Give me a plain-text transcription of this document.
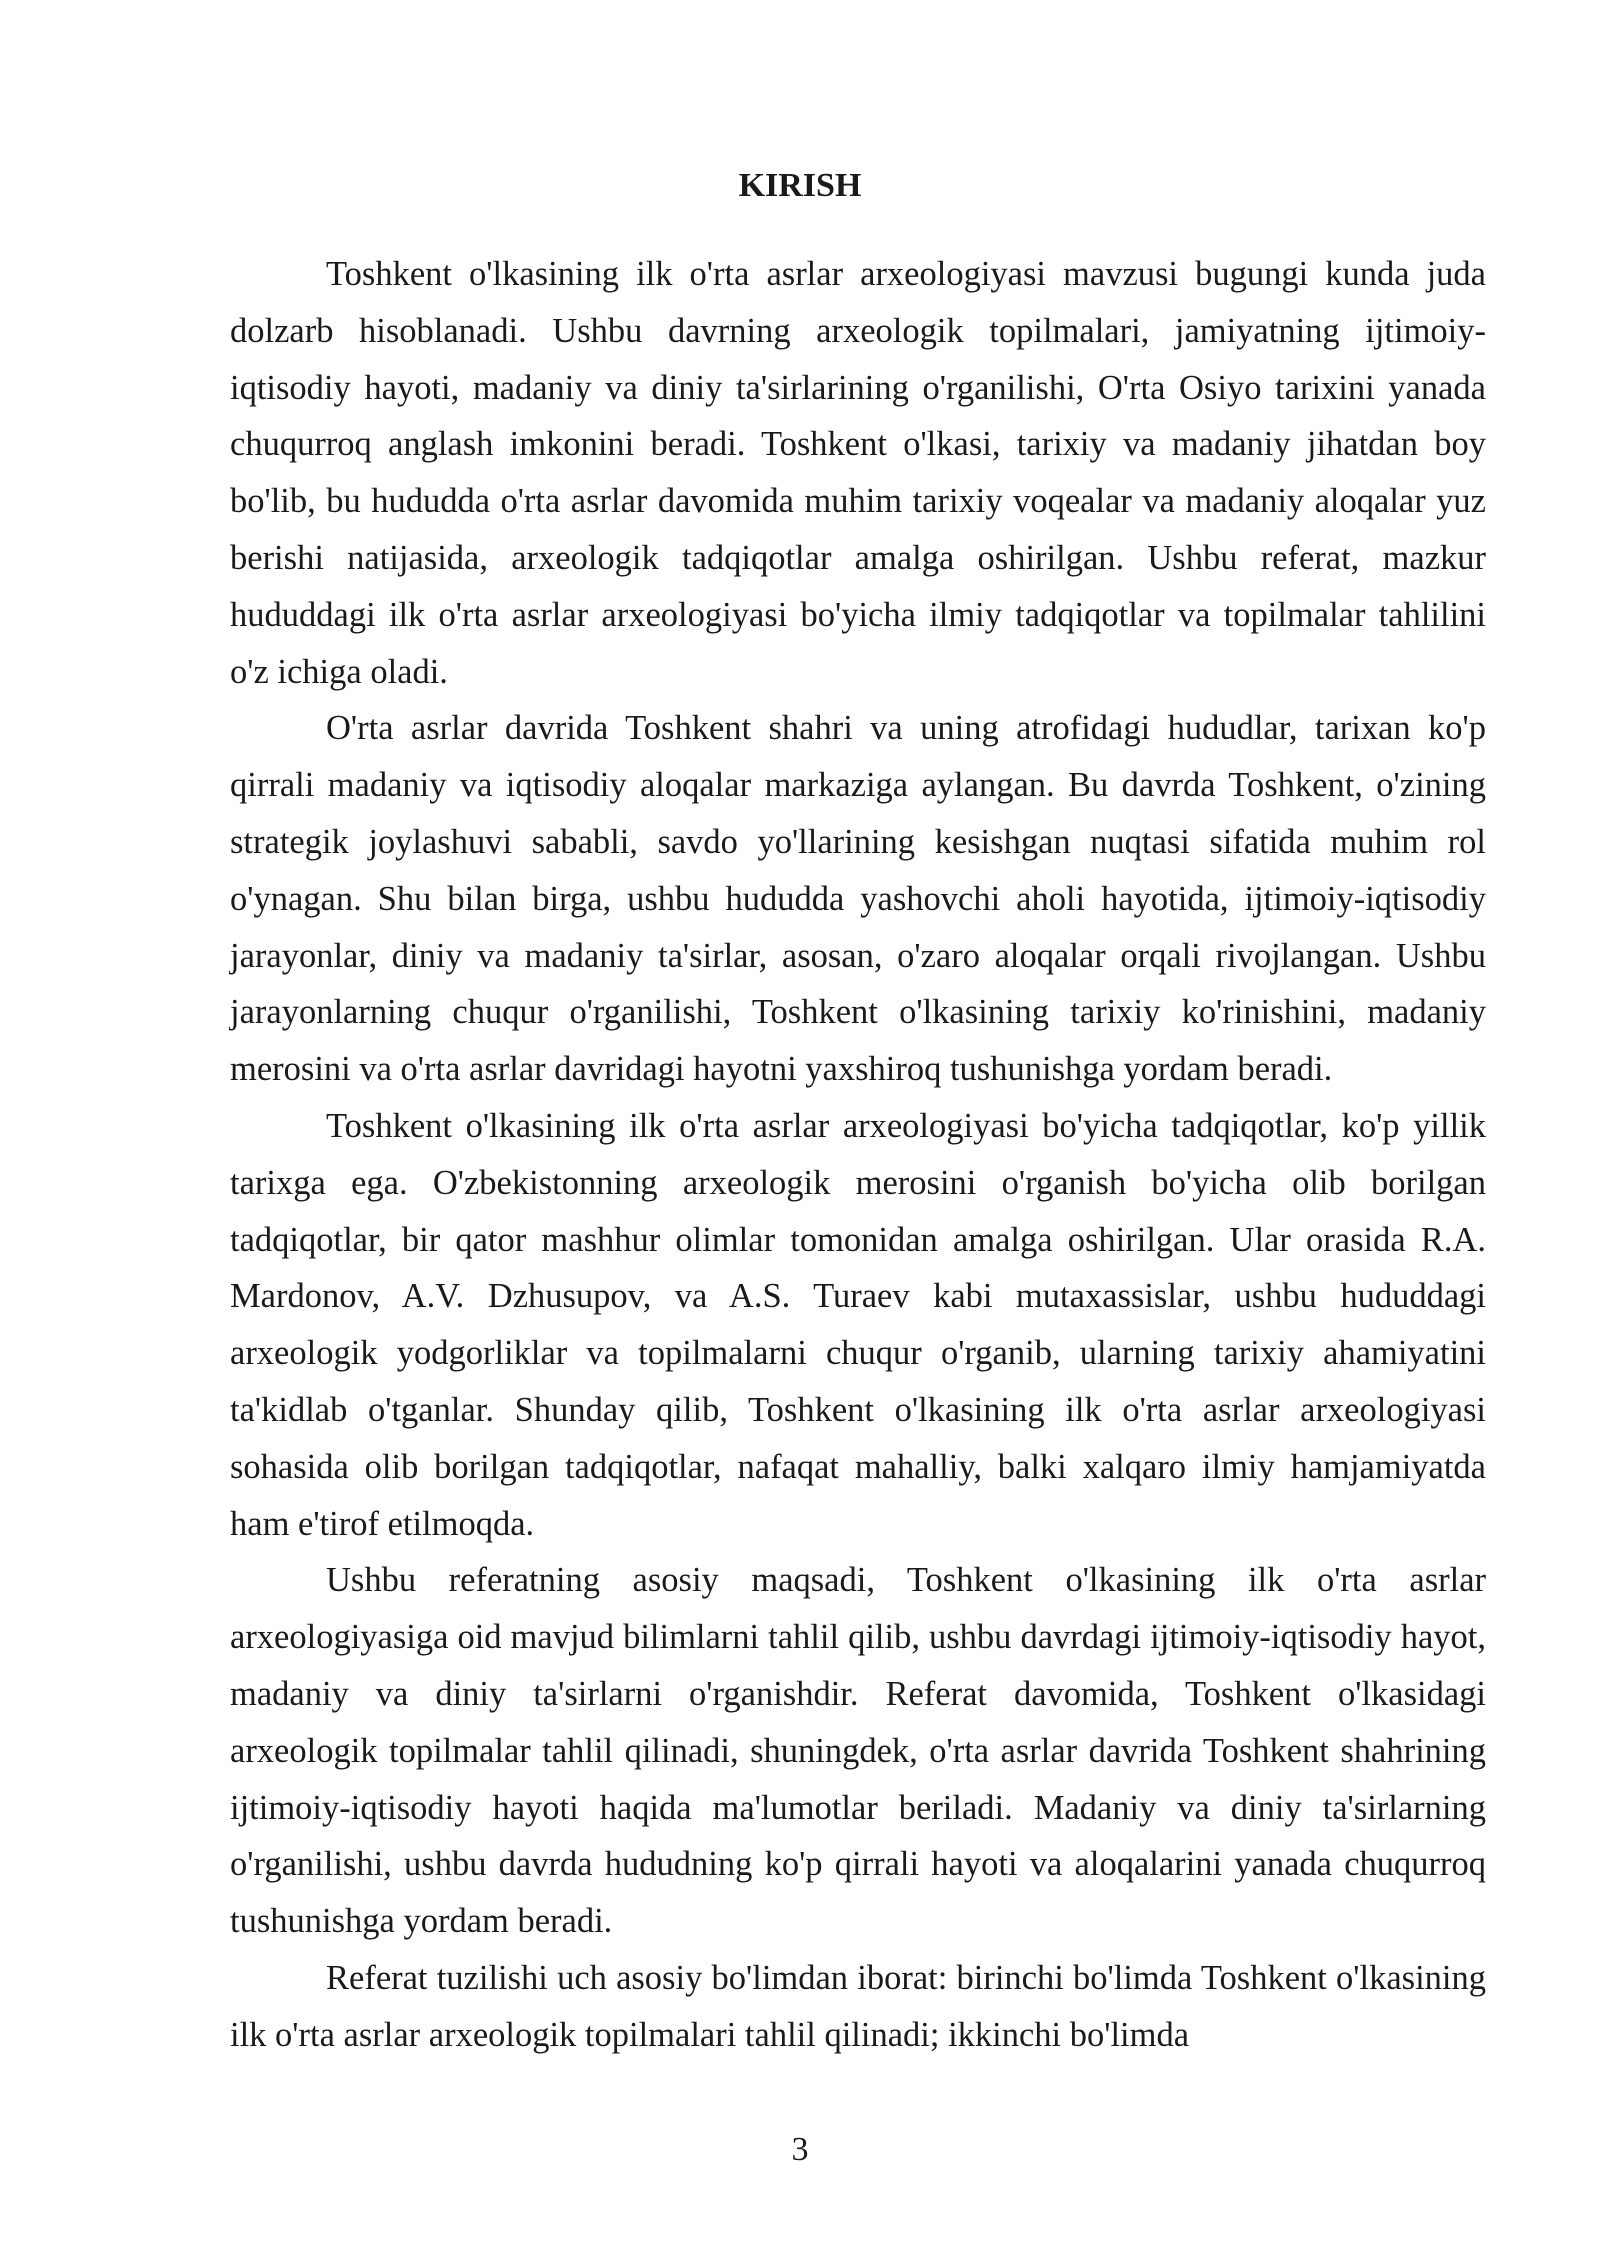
KIRISH

Toshkent o'lkasining ilk o'rta asrlar arxeologiyasi mavzusi bugungi kunda juda dolzarb hisoblanadi. Ushbu davrning arxeologik topilmalari, jamiyatning ijtimoiy-iqtisodiy hayoti, madaniy va diniy ta'sirlarining o'rganilishi, O'rta Osiyo tarixini yanada chuqurroq anglash imkonini beradi. Toshkent o'lkasi, tarixiy va madaniy jihatdan boy bo'lib, bu hududda o'rta asrlar davomida muhim tarixiy voqealar va madaniy aloqalar yuz berishi natijasida, arxeologik tadqiqotlar amalga oshirilgan. Ushbu referat, mazkur hududdagi ilk o'rta asrlar arxeologiyasi bo'yicha ilmiy tadqiqotlar va topilmalar tahlilini o'z ichiga oladi.

O'rta asrlar davrida Toshkent shahri va uning atrofidagi hududlar, tarixan ko'p qirrali madaniy va iqtisodiy aloqalar markaziga aylangan. Bu davrda Toshkent, o'zining strategik joylashuvi sababli, savdo yo'llarining kesishgan nuqtasi sifatida muhim rol o'ynagan. Shu bilan birga, ushbu hududda yashovchi aholi hayotida, ijtimoiy-iqtisodiy jarayonlar, diniy va madaniy ta'sirlar, asosan, o'zaro aloqalar orqali rivojlangan. Ushbu jarayonlarning chuqur o'rganilishi, Toshkent o'lkasining tarixiy ko'rinishini, madaniy merosini va o'rta asrlar davridagi hayotni yaxshiroq tushunishga yordam beradi.

Toshkent o'lkasining ilk o'rta asrlar arxeologiyasi bo'yicha tadqiqotlar, ko'p yillik tarixga ega. O'zbekistonning arxeologik merosini o'rganish bo'yicha olib borilgan tadqiqotlar, bir qator mashhur olimlar tomonidan amalga oshirilgan. Ular orasida R.A. Mardonov, A.V. Dzhusupov, va A.S. Turaev kabi mutaxassislar, ushbu hududdagi arxeologik yodgorliklar va topilmalarni chuqur o'rganib, ularning tarixiy ahamiyatini ta'kidlab o'tganlar. Shunday qilib, Toshkent o'lkasining ilk o'rta asrlar arxeologiyasi sohasida olib borilgan tadqiqotlar, nafaqat mahalliy, balki xalqaro ilmiy hamjamiyatda ham e'tirof etilmoqda.

Ushbu referatning asosiy maqsadi, Toshkent o'lkasining ilk o'rta asrlar arxeologiyasiga oid mavjud bilimlarni tahlil qilib, ushbu davrdagi ijtimoiy-iqtisodiy hayot, madaniy va diniy ta'sirlarni o'rganishdir. Referat davomida, Toshkent o'lkasidagi arxeologik topilmalar tahlil qilinadi, shuningdek, o'rta asrlar davrida Toshkent shahrining ijtimoiy-iqtisodiy hayoti haqida ma'lumotlar beriladi. Madaniy va diniy ta'sirlarning o'rganilishi, ushbu davrda hududning ko'p qirrali hayoti va aloqalarini yanada chuqurroq tushunishga yordam beradi.

Referat tuzilishi uch asosiy bo'limdan iborat: birinchi bo'limda Toshkent o'lkasining ilk o'rta asrlar arxeologik topilmalari tahlil qilinadi; ikkinchi bo'limda

3
